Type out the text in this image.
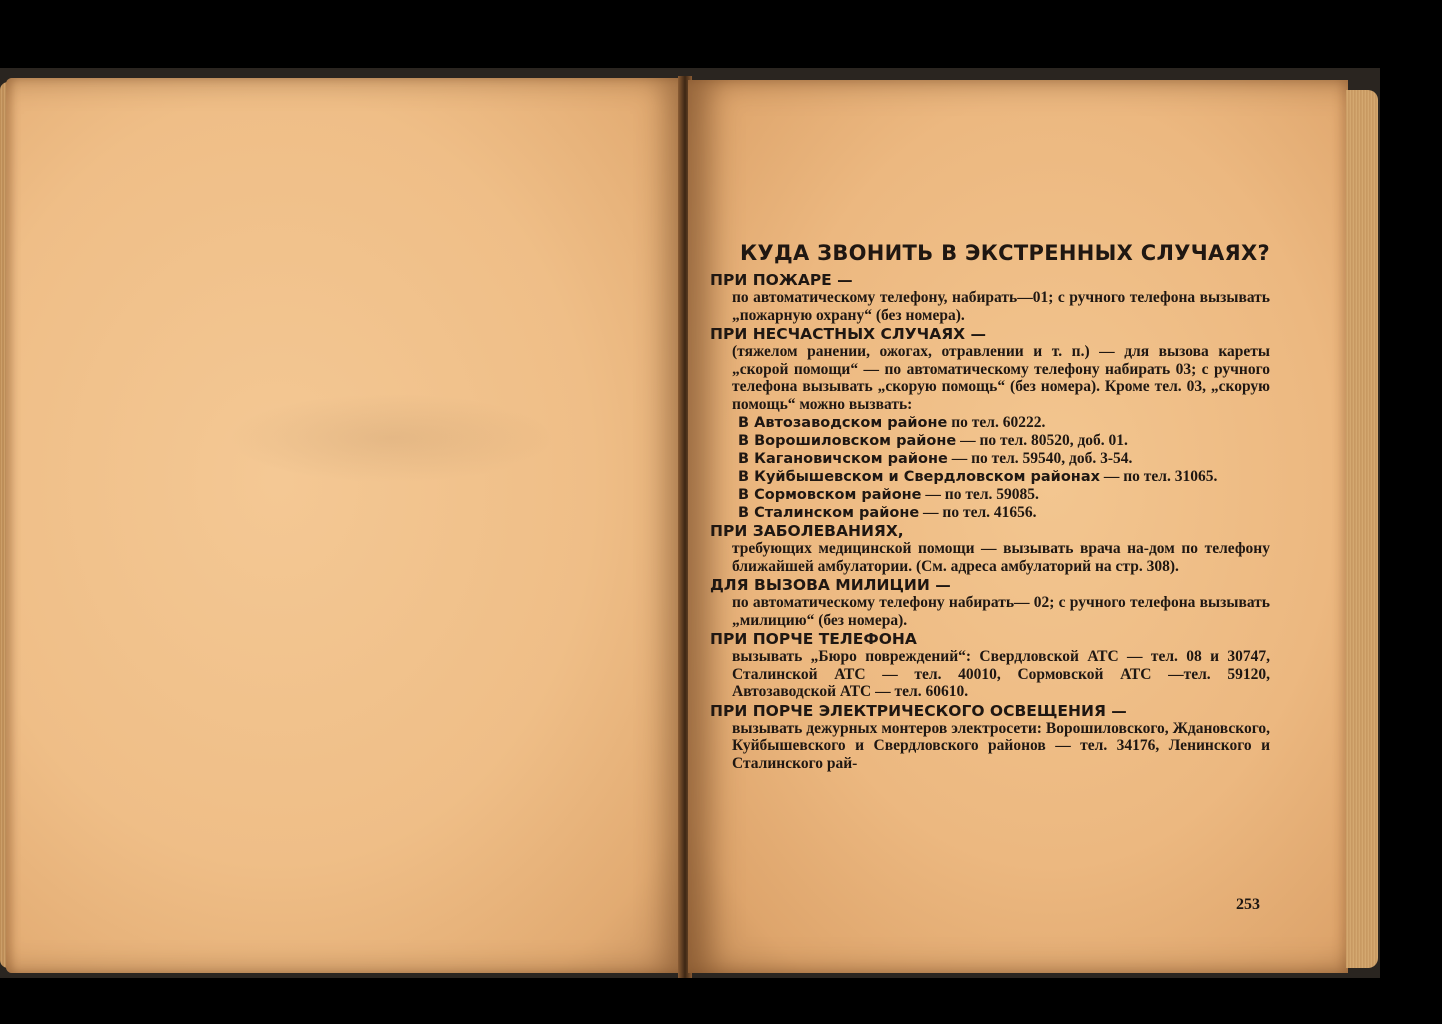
КУДА ЗВОНИТЬ В ЭКСТРЕННЫХ СЛУЧАЯХ?

ПРИ ПОЖАРЕ —

по автоматическому телефону, набирать—01; с ручного телефона вызывать „пожарную охрану“ (без номера).

ПРИ НЕСЧАСТНЫХ СЛУЧАЯХ —

(тяжелом ранении, ожогах, отравлении и т. п.) — для вызова кареты „скорой помощи“ — по автоматическому телефону набирать 03; с ручного телефона вызывать „скорую помощь“ (без номера). Кроме тел. 03, „скорую помощь“ можно вызвать:

В Автозаводском районе по тел. 60222.

В Ворошиловском районе — по тел. 80520, доб. 01.

В Кагановичском районе — по тел. 59540, доб. 3-54.

В Куйбышевском и Свердловском районах — по тел. 31065.

В Сормовском районе — по тел. 59085.

В Сталинском районе — по тел. 41656.

ПРИ ЗАБОЛЕВАНИЯХ,

требующих медицинской помощи — вызывать врача на-дом по телефону ближайшей амбулатории. (См. адреса амбулаторий на стр. 308).

ДЛЯ ВЫЗОВА МИЛИЦИИ —

по автоматическому телефону набирать— 02; с ручного телефона вызывать „милицию“ (без номера).

ПРИ ПОРЧЕ ТЕЛЕФОНА

вызывать „Бюро повреждений“: Свердловской АТС — тел. 08 и 30747, Сталинской АТС — тел. 40010, Сормовской АТС —тел. 59120, Автозаводской АТС — тел. 60610.

ПРИ ПОРЧЕ ЭЛЕКТРИЧЕСКОГО ОСВЕЩЕНИЯ —

вызывать дежурных монтеров электросети: Ворошиловского, Ждановского, Куйбышевского и Свердловского районов — тел. 34176, Ленинского и Сталинского рай-

253
